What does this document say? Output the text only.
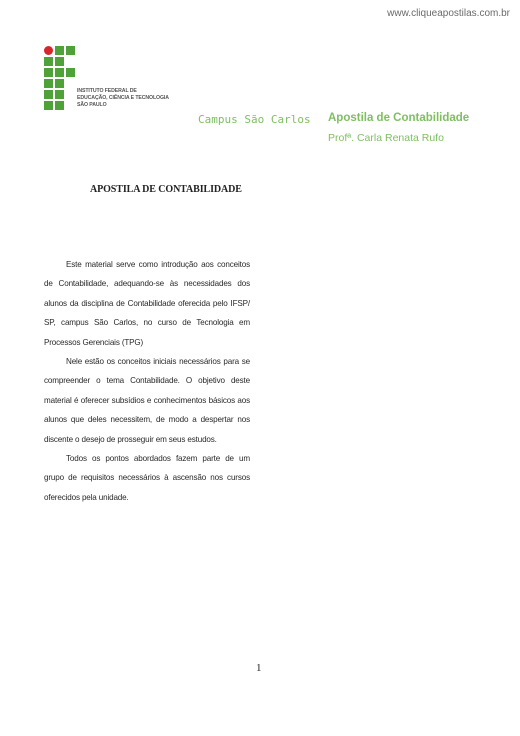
www.cliqueapostilas.com.br
INSTITUTO FEDERAL DE
EDUCAÇÃO, CIÊNCIA E TECNOLOGIA
SÃO PAULO
Campus São Carlos Apostila de Contabilidade
Profª. Carla Renata Rufo
APOSTILA DE CONTABILIDADE

Este material serve como introdução aos conceitos de Contabilidade, adequando-se às necessidades dos alunos da disciplina de Contabilidade oferecida pelo IFSP/ SP, campus São Carlos, no curso de Tecnologia em Processos Gerenciais (TPG)

Nele estão os conceitos iniciais necessários para se compreender o tema Contabilidade. O objetivo deste material é oferecer subsídios e conhecimentos básicos aos alunos que deles necessitem, de modo a despertar nos discente o desejo de prosseguir em seus estudos.

Todos os pontos abordados fazem parte de um grupo de requisitos necessários à ascensão nos cursos oferecidos pela unidade.

1
